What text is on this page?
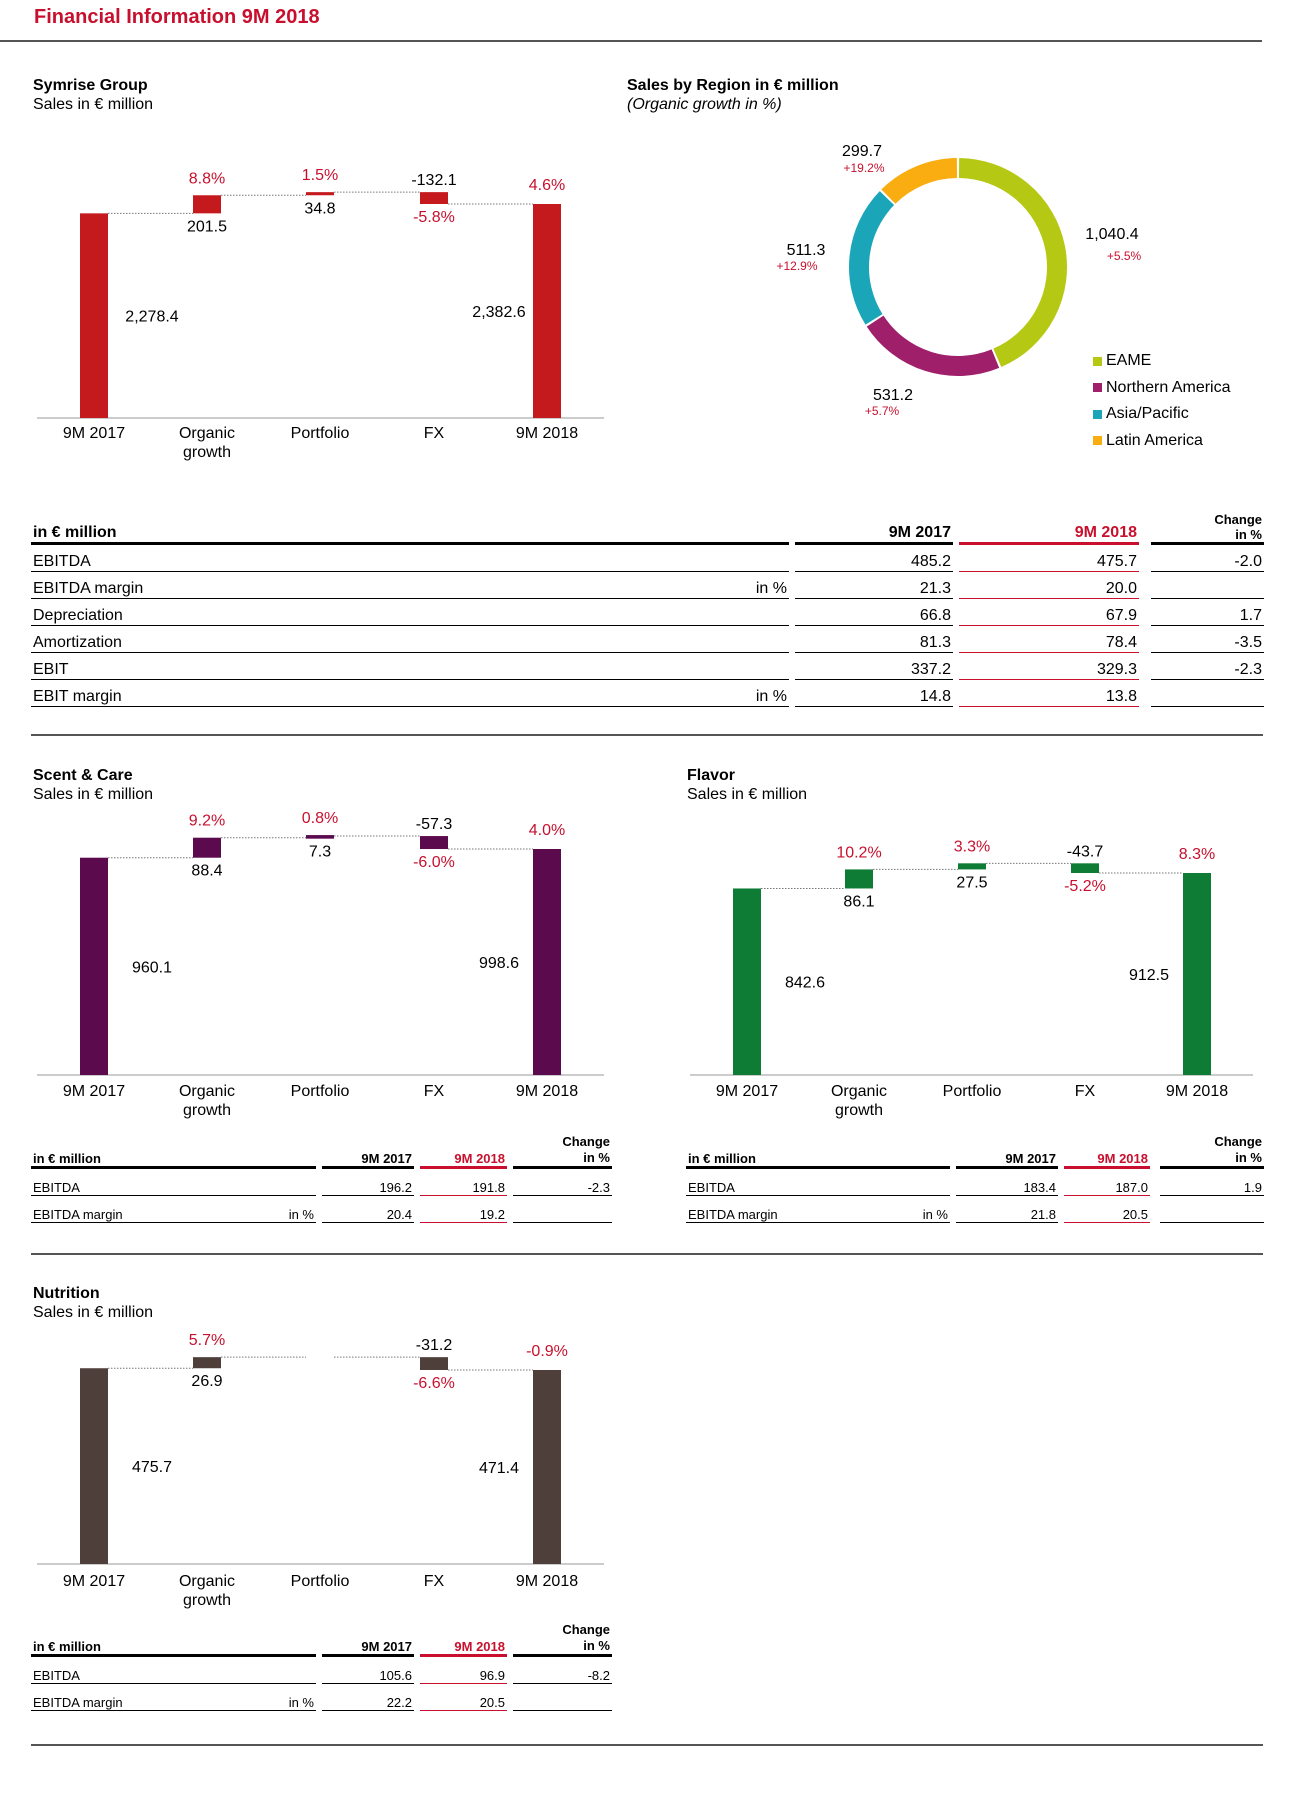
Financial Information 9M 2018
Symrise Group
Sales in € million
2,278.4
9M 2017
201.5
8.8%
Organic growth
34.8
1.5%
Portfolio
-132.1
-5.8%
FX
2,382.6
4.6%
9M 2018
Sales by Region in € million
(Organic growth in %)
1,040.4
+5.5%
531.2
+5.7%
511.3
+12.9%
299.7
+19.2%
EAME
Northern America
Asia/Pacific
Latin America
in € million			9M 2017		9M 2018		Change
in %

EBITDA			485.2		475.7		-2.0
EBITDA margin	in %		21.3		20.0		
Depreciation			66.8		67.9		1.7
Amortization			81.3		78.4		-3.5
EBIT			337.2		329.3		-2.3
EBIT margin	in %		14.8		13.8		
Scent & Care
Sales in € million
960.1
9M 2017
88.4
9.2%
Organic growth
7.3
0.8%
Portfolio
-57.3
-6.0%
FX
998.6
4.0%
9M 2018
in € million			9M 2017		9M 2018		Change
in %

EBITDA			196.2		191.8		-2.3
EBITDA margin	in %		20.4		19.2		
Flavor
Sales in € million
842.6
9M 2017
86.1
10.2%
Organic growth
27.5
3.3%
Portfolio
-43.7
-5.2%
FX
912.5
8.3%
9M 2018
in € million			9M 2017		9M 2018		Change
in %

EBITDA			183.4		187.0		1.9
EBITDA margin	in %		21.8		20.5		
Nutrition
Sales in € million
475.7
9M 2017
26.9
5.7%
Organic growth
Portfolio
-31.2
-6.6%
FX
471.4
-0.9%
9M 2018
in € million			9M 2017		9M 2018		Change
in %

EBITDA			105.6		96.9		-8.2
EBITDA margin	in %		22.2		20.5		
